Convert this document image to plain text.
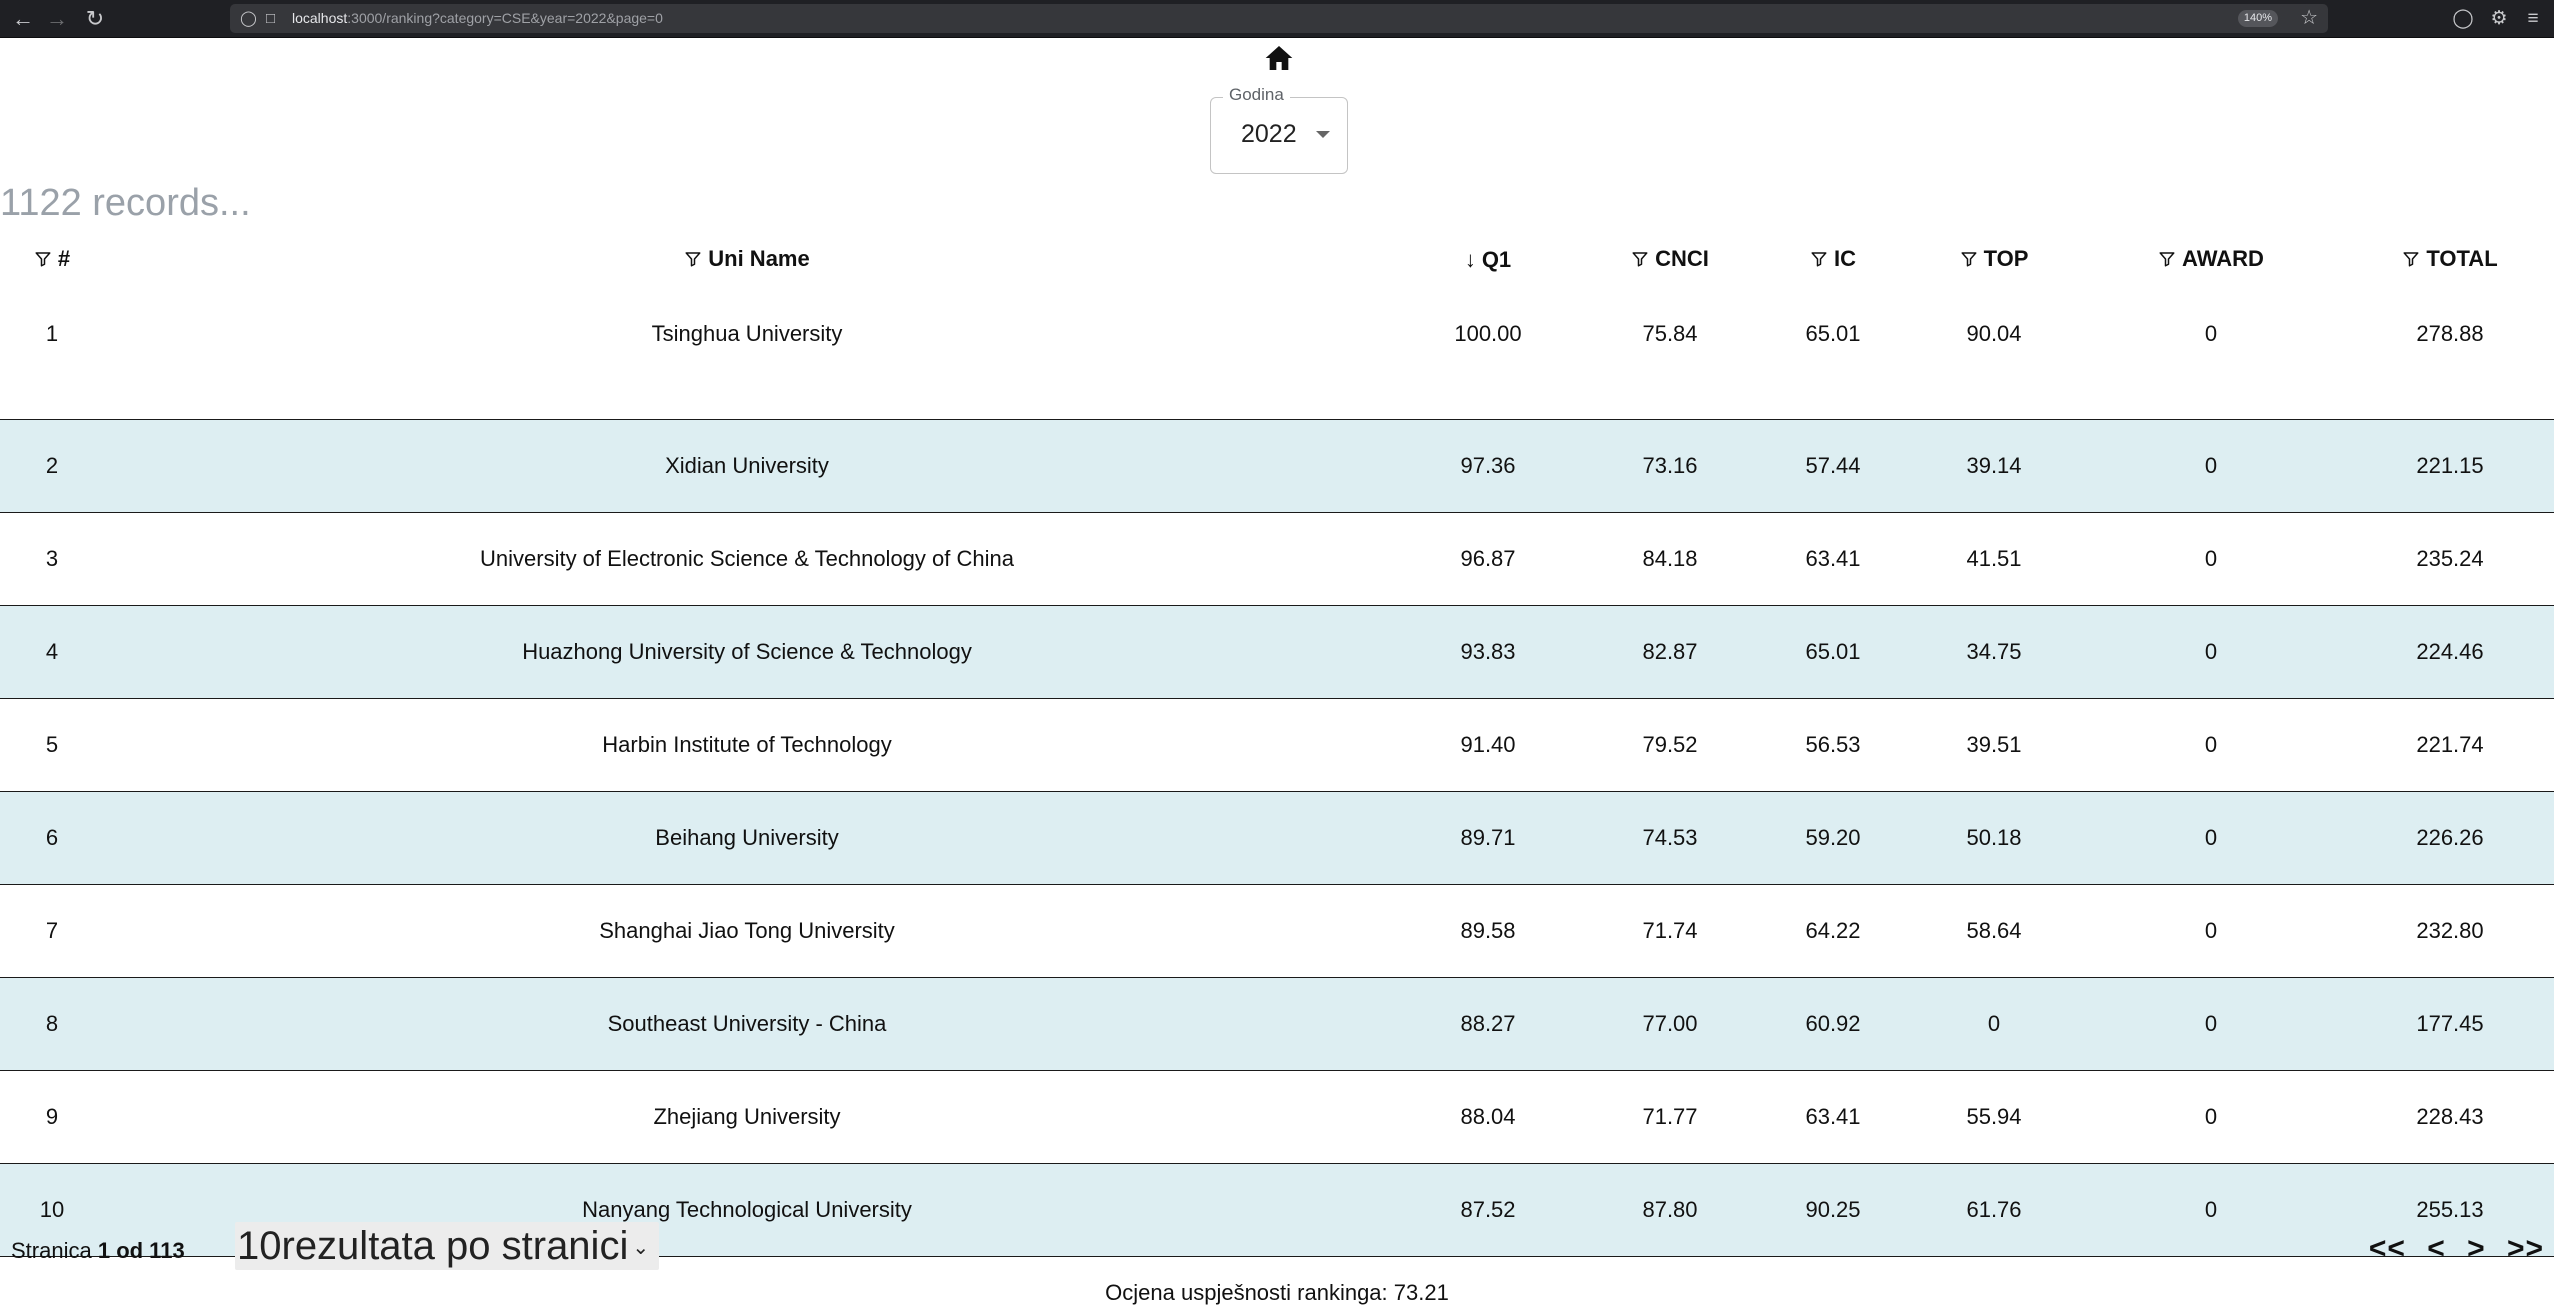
← → ↻	◯ □ localhost:3000/ranking?category=CSE&year=2022&page=0	140%	☆	◯ ⚙	≡
Godina
2022
1122 records...
#	Uni Name	↓ Q1	CNCI	IC	TOP	AWARD	TOTAL

1	Tsinghua University	100.00	75.84	65.01	90.04	0	278.88
2	Xidian University	97.36	73.16	57.44	39.14	0	221.15
3	University of Electronic Science & Technology of China	96.87	84.18	63.41	41.51	0	235.24
4	Huazhong University of Science & Technology	93.83	82.87	65.01	34.75	0	224.46
5	Harbin Institute of Technology	91.40	79.52	56.53	39.51	0	221.74
6	Beihang University	89.71	74.53	59.20	50.18	0	226.26
7	Shanghai Jiao Tong University	89.58	71.74	64.22	58.64	0	232.80
8	Southeast University - China	88.27	77.00	60.92	0	0	177.45
9	Zhejiang University	88.04	71.77	63.41	55.94	0	228.43
10	Nanyang Technological University	87.52	87.80	90.25	61.76	0	255.13
Stranica 1 od 113 10rezultata po stranici ⌄	<< < > >>
Ocjena uspješnosti rankinga: 73.21
